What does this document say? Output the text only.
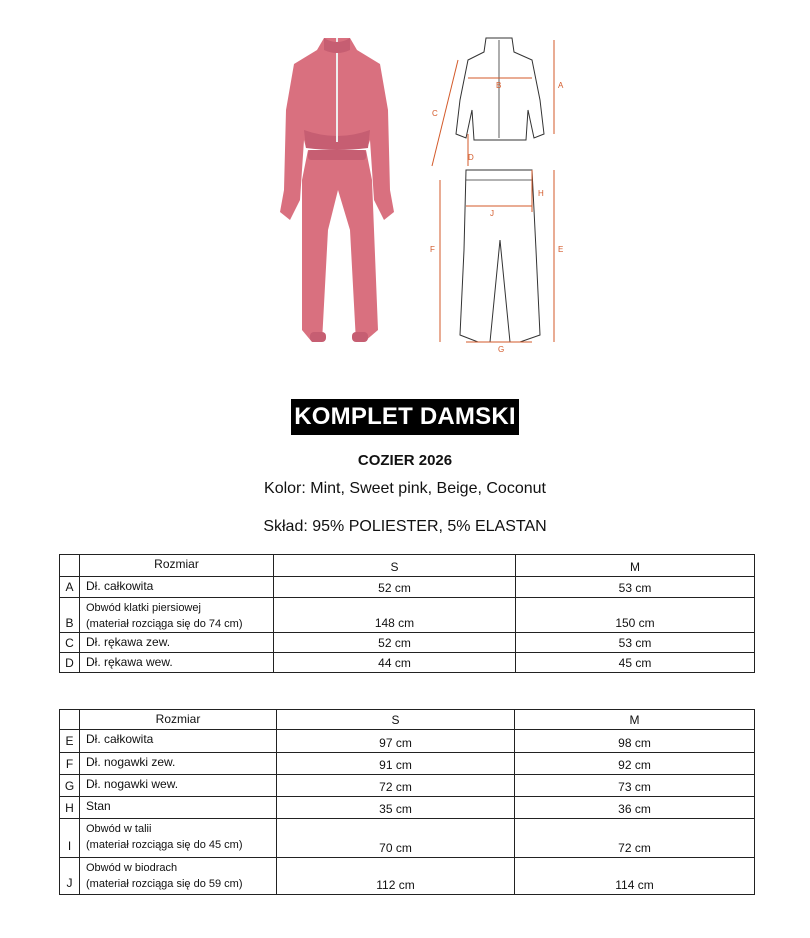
A
B
C
D
E
F
G
H
J
KOMPLET DAMSKI
COZIER 2026
Kolor: Mint, Sweet pink, Beige, Coconut
Skład: 95% POLIESTER, 5% ELASTAN
	Rozmiar	S	M
A	Dł. całkowita	52 cm	53 cm
B	Obwód klatki piersiowej
(materiał rozciąga się do 74 cm)	148 cm	150 cm
C	Dł. rękawa zew.	52 cm	53 cm
D	Dł. rękawa wew.	44 cm	45 cm
	Rozmiar	S	M
E	Dł. całkowita	97 cm	98 cm
F	Dł. nogawki zew.	91 cm	92 cm
G	Dł. nogawki wew.	72 cm	73 cm
H	Stan	35 cm	36 cm
I	Obwód w talii
(materiał rozciąga się do 45 cm)	70 cm	72 cm
J	Obwód w biodrach
(materiał rozciąga się do 59 cm)	112 cm	114 cm
